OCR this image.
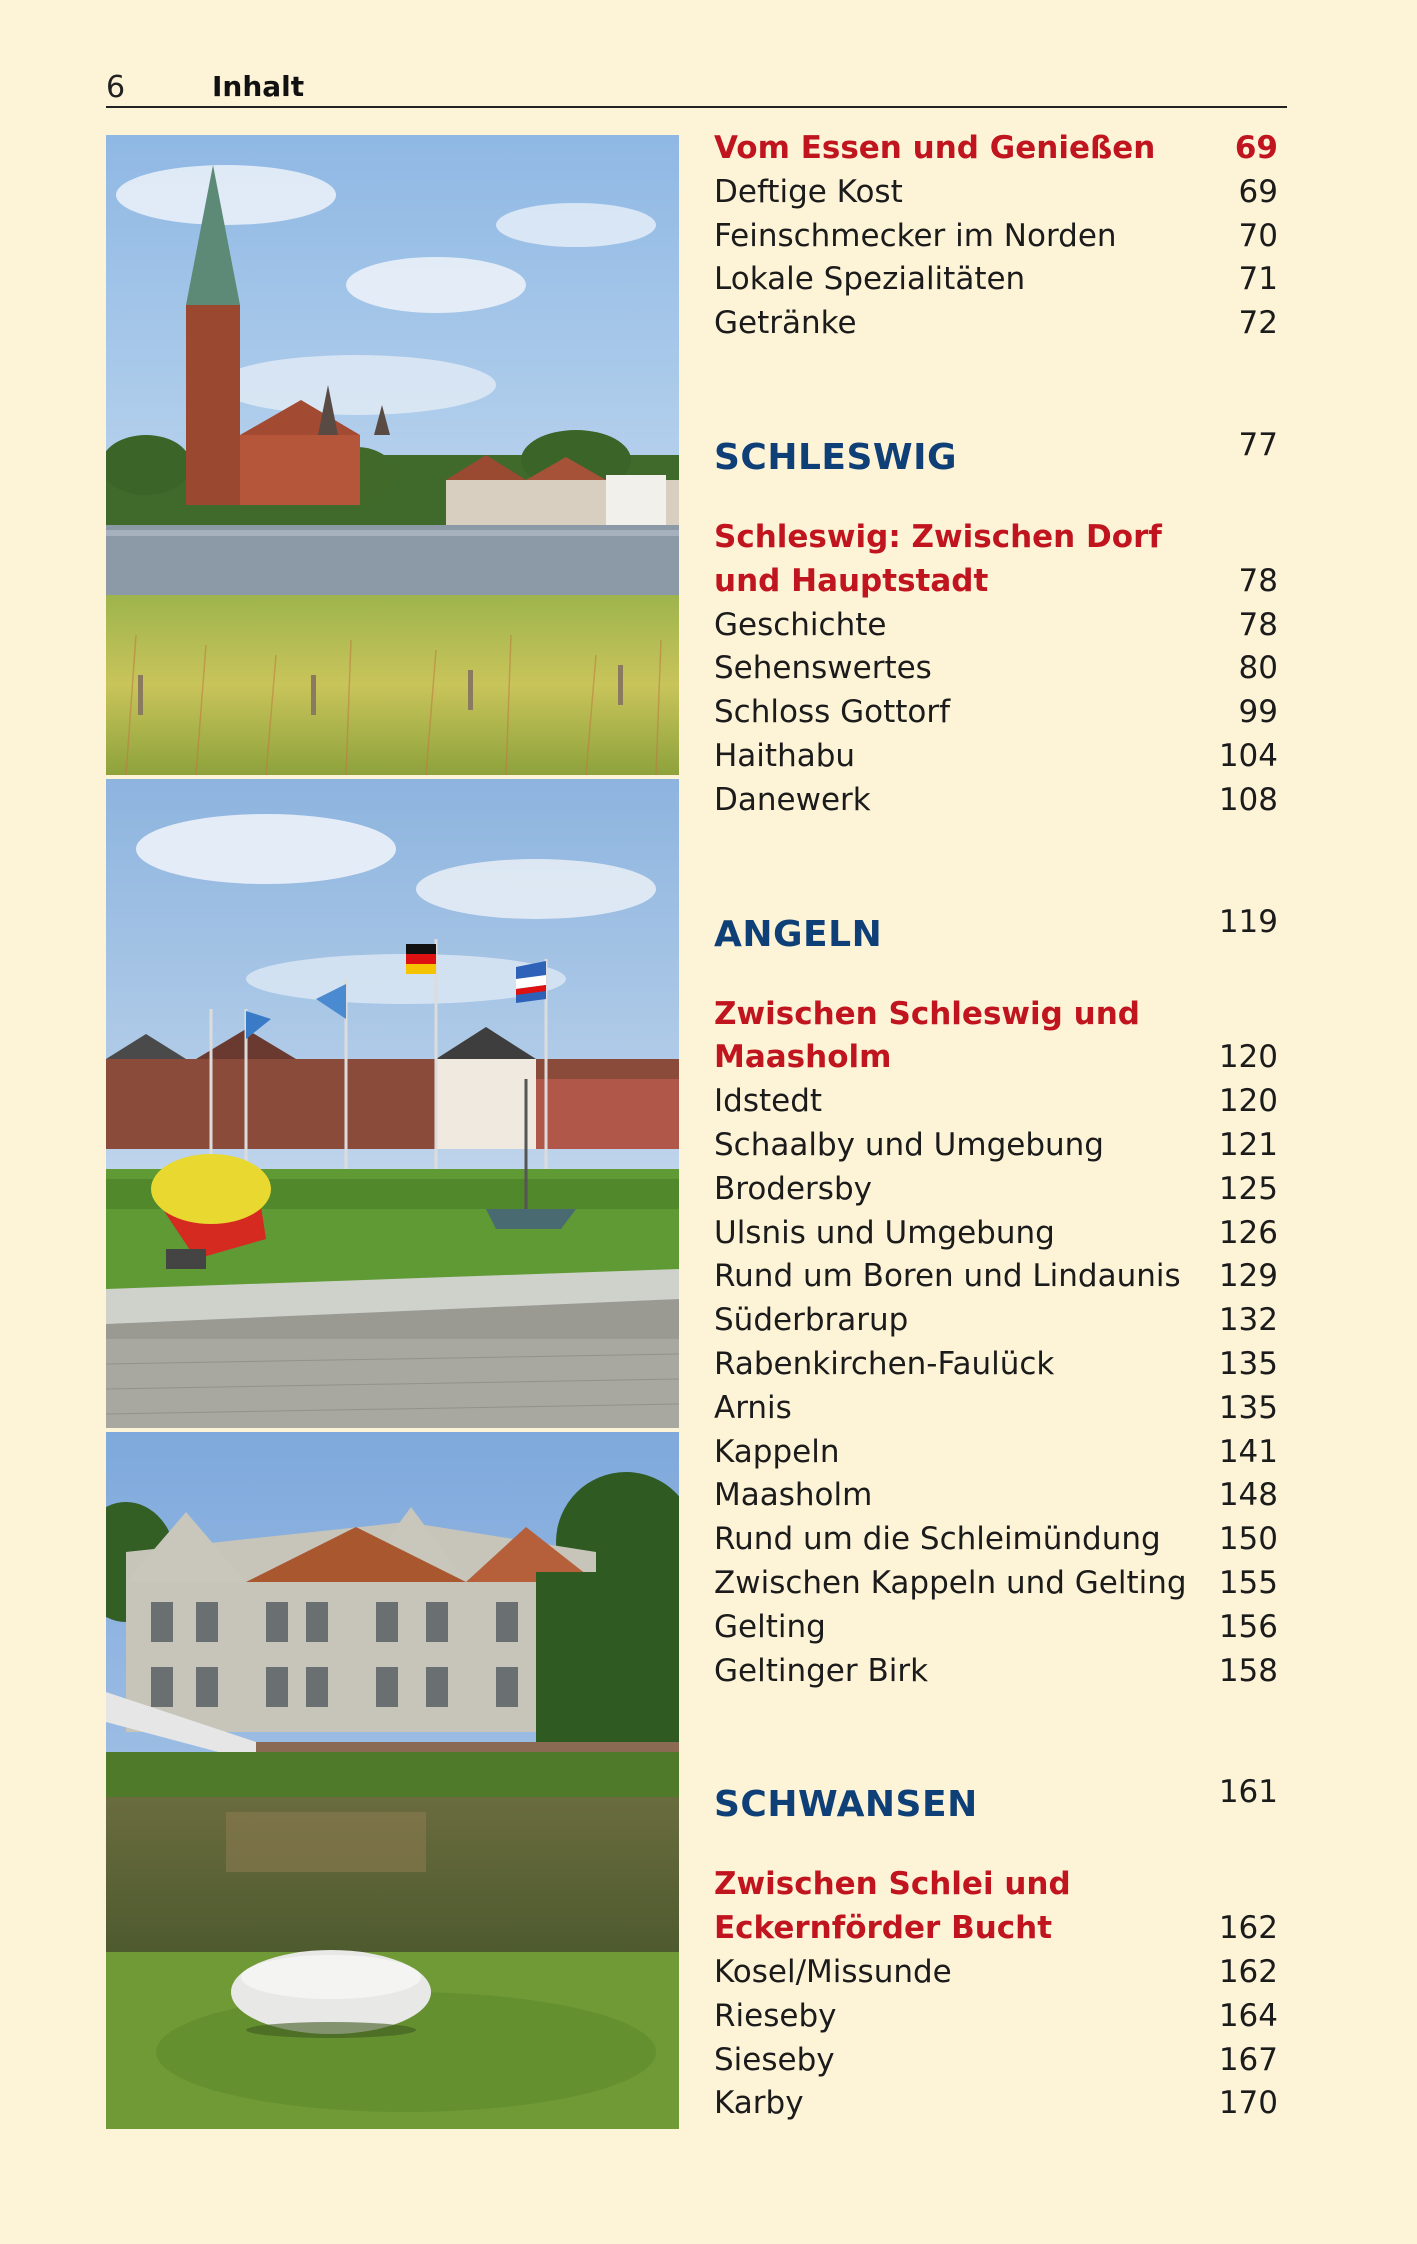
6	Inhalt
Vom Essen und Genießen	69
Deftige Kost	69
Feinschmecker im Norden	70
Lokale Spezialitäten	71
Getränke	72
SCHLESWIG	77
Schleswig: Zwischen Dorf
und Hauptstadt	78
Geschichte	78
Sehenswertes	80
Schloss Gottorf	99
Haithabu	104
Danewerk	108
ANGELN	119
Zwischen Schleswig und
Maasholm	120
Idstedt	120
Schaalby und Umgebung	121
Brodersby	125
Ulsnis und Umgebung	126
Rund um Boren und Lindaunis 129
Süderbrarup	132
Rabenkirchen-Faulück	135
Arnis	135
Kappeln	141
Maasholm	148
Rund um die Schleimündung 150
Zwischen Kappeln und Gelting 155
Gelting	156
Geltinger Birk	158
SCHWANSEN	161
Zwischen Schlei und
Eckernförder Bucht	162
Kosel/Missunde	162
Rieseby	164
Sieseby	167
Karby	170
